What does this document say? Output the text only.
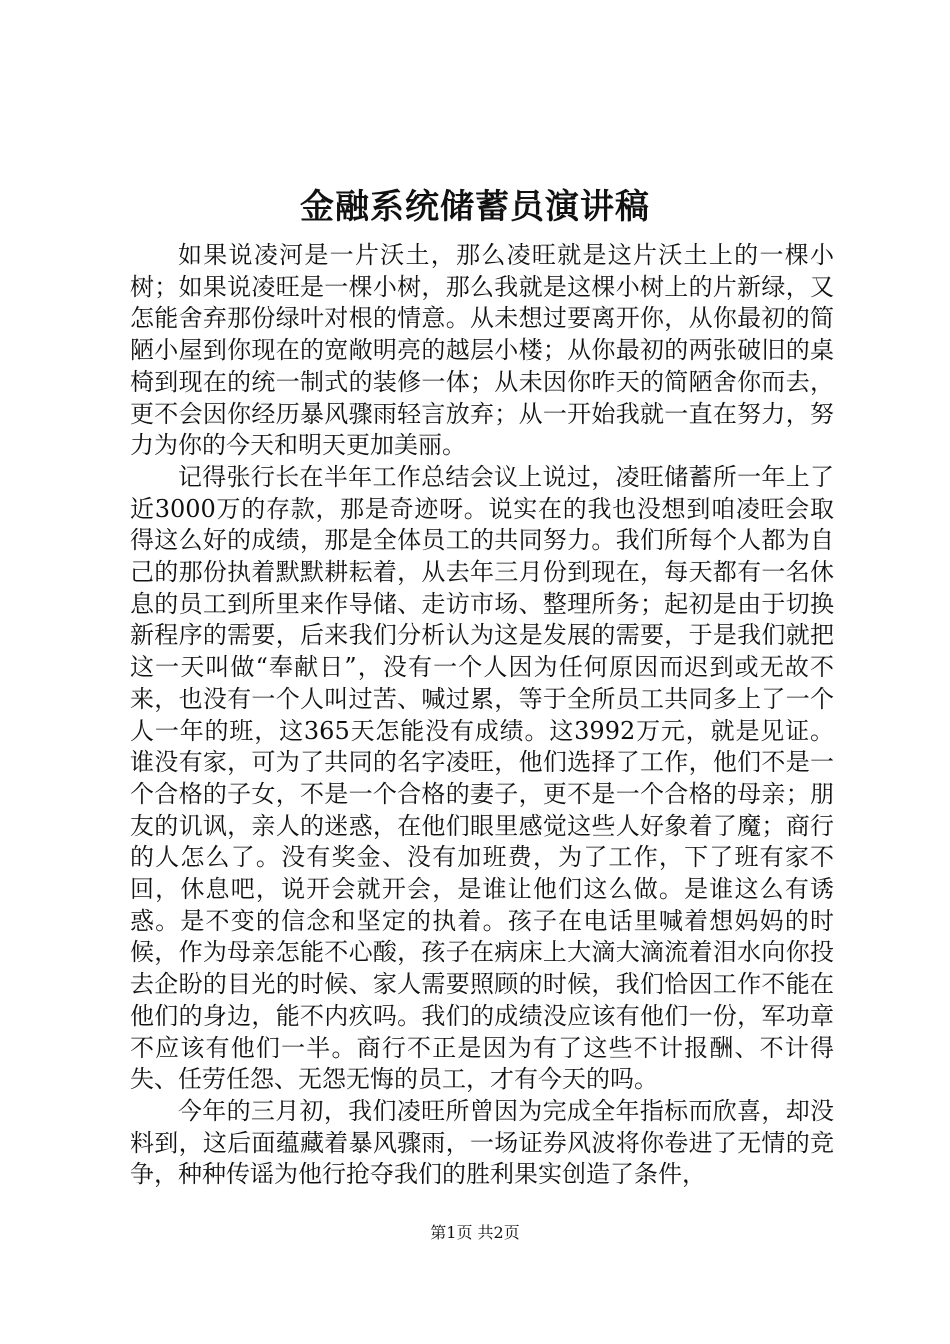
金融系统储蓄员演讲稿

如果说凌河是一片沃土，那么凌旺就是这片沃土上的一棵小树；如果说凌旺是一棵小树，那么我就是这棵小树上的片新绿，又怎能舍弃那份绿叶对根的情意。从未想过要离开你，从你最初的简陋小屋到你现在的宽敞明亮的越层小楼；从你最初的两张破旧的桌椅到现在的统一制式的装修一体；从未因你昨天的简陋舍你而去，更不会因你经历暴风骤雨轻言放弃；从一开始我就一直在努力，努力为你的今天和明天更加美丽。

记得张行长在半年工作总结会议上说过，凌旺储蓄所一年上了近3000万的存款，那是奇迹呀。说实在的我也没想到咱凌旺会取得这么好的成绩，那是全体员工的共同努力。我们所每个人都为自己的那份执着默默耕耘着，从去年三月份到现在，每天都有一名休息的员工到所里来作导储、走访市场、整理所务；起初是由于切换新程序的需要，后来我们分析认为这是发展的需要，于是我们就把这一天叫做“奉献日”，没有一个人因为任何原因而迟到或无故不来，也没有一个人叫过苦、喊过累，等于全所员工共同多上了一个人一年的班，这365天怎能没有成绩。这3992万元，就是见证。谁没有家，可为了共同的名字凌旺，他们选择了工作，他们不是一个合格的子女，不是一个合格的妻子，更不是一个合格的母亲；朋友的讥讽，亲人的迷惑，在他们眼里感觉这些人好象着了魔；商行的人怎么了。没有奖金、没有加班费，为了工作，下了班有家不回，休息吧，说开会就开会，是谁让他们这么做。是谁这么有诱惑。是不变的信念和坚定的执着。孩子在电话里喊着想妈妈的时候，作为母亲怎能不心酸，孩子在病床上大滴大滴流着泪水向你投去企盼的目光的时候、家人需要照顾的时候，我们恰因工作不能在他们的身边，能不内疚吗。我们的成绩没应该有他们一份，军功章不应该有他们一半。商行不正是因为有了这些不计报酬、不计得失、任劳任怨、无怨无悔的员工，才有今天的吗。

今年的三月初，我们凌旺所曾因为完成全年指标而欣喜，却没料到，这后面蕴藏着暴风骤雨，一场证券风波将你卷进了无情的竞争，种种传谣为他行抢夺我们的胜利果实创造了条件，

第1页 共2页
